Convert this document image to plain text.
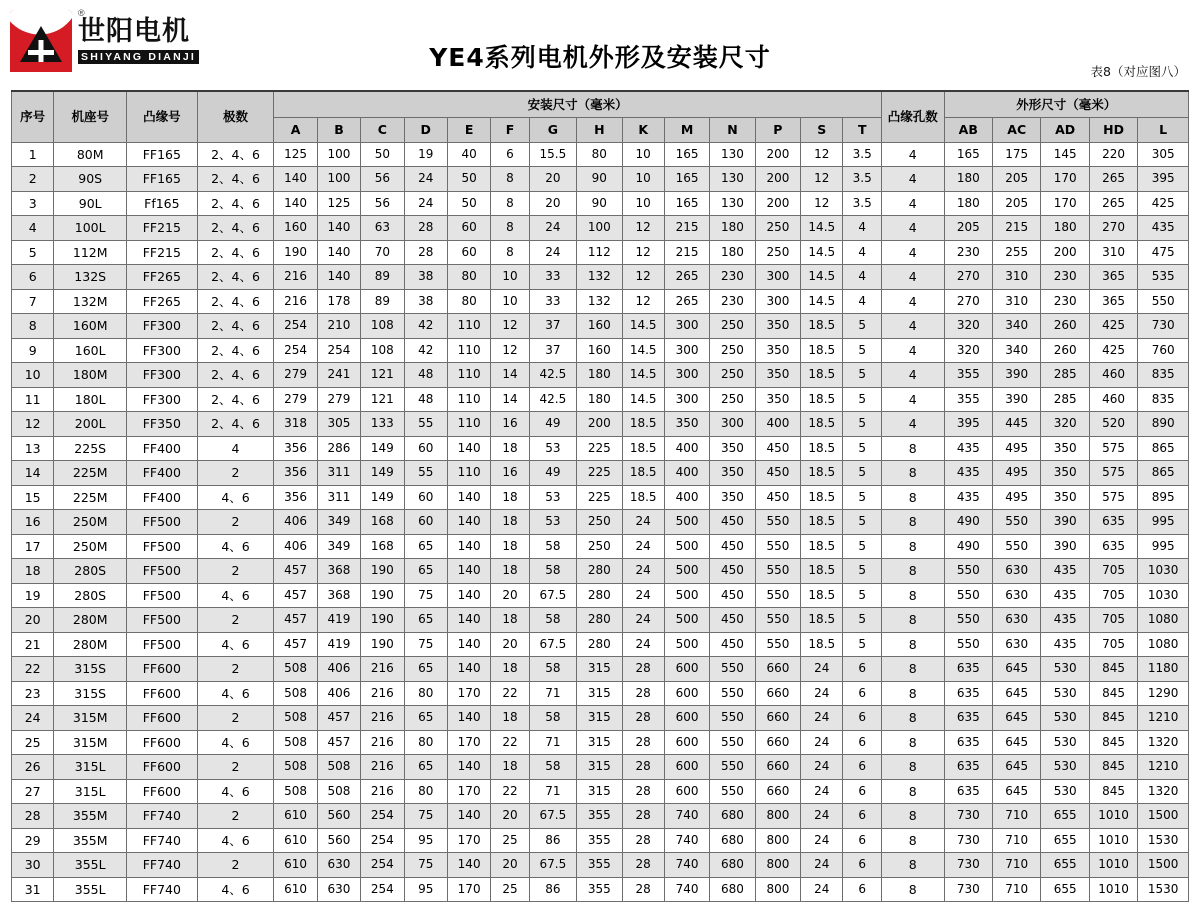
世阳电机
SHIYANG DIANJI
®
YE4系列电机外形及安装尺寸	表8（对应图八）
序号	机座号	凸缘号	极数	安装尺寸（毫米）														凸缘孔数	外形尺寸（毫米）				
				A	B	C	D	E	F	G	H	K	M	N	P	S	T		AB	AC	AD	HD	L
1	80M	FF165	2、4、6	125	100	50	19	40	6	15.5	80	10	165	130	200	12	3.5	4	165	175	145	220	305
2	90S	FF165	2、4、6	140	100	56	24	50	8	20	90	10	165	130	200	12	3.5	4	180	205	170	265	395
3	90L	Ff165	2、4、6	140	125	56	24	50	8	20	90	10	165	130	200	12	3.5	4	180	205	170	265	425
4	100L	FF215	2、4、6	160	140	63	28	60	8	24	100	12	215	180	250	14.5	4	4	205	215	180	270	435
5	112M	FF215	2、4、6	190	140	70	28	60	8	24	112	12	215	180	250	14.5	4	4	230	255	200	310	475
6	132S	FF265	2、4、6	216	140	89	38	80	10	33	132	12	265	230	300	14.5	4	4	270	310	230	365	535
7	132M	FF265	2、4、6	216	178	89	38	80	10	33	132	12	265	230	300	14.5	4	4	270	310	230	365	550
8	160M	FF300	2、4、6	254	210	108	42	110	12	37	160	14.5	300	250	350	18.5	5	4	320	340	260	425	730
9	160L	FF300	2、4、6	254	254	108	42	110	12	37	160	14.5	300	250	350	18.5	5	4	320	340	260	425	760
10	180M	FF300	2、4、6	279	241	121	48	110	14	42.5	180	14.5	300	250	350	18.5	5	4	355	390	285	460	835
11	180L	FF300	2、4、6	279	279	121	48	110	14	42.5	180	14.5	300	250	350	18.5	5	4	355	390	285	460	835
12	200L	FF350	2、4、6	318	305	133	55	110	16	49	200	18.5	350	300	400	18.5	5	4	395	445	320	520	890
13	225S	FF400	4	356	286	149	60	140	18	53	225	18.5	400	350	450	18.5	5	8	435	495	350	575	865
14	225M	FF400	2	356	311	149	55	110	16	49	225	18.5	400	350	450	18.5	5	8	435	495	350	575	865
15	225M	FF400	4、6	356	311	149	60	140	18	53	225	18.5	400	350	450	18.5	5	8	435	495	350	575	895
16	250M	FF500	2	406	349	168	60	140	18	53	250	24	500	450	550	18.5	5	8	490	550	390	635	995
17	250M	FF500	4、6	406	349	168	65	140	18	58	250	24	500	450	550	18.5	5	8	490	550	390	635	995
18	280S	FF500	2	457	368	190	65	140	18	58	280	24	500	450	550	18.5	5	8	550	630	435	705	1030
19	280S	FF500	4、6	457	368	190	75	140	20	67.5	280	24	500	450	550	18.5	5	8	550	630	435	705	1030
20	280M	FF500	2	457	419	190	65	140	18	58	280	24	500	450	550	18.5	5	8	550	630	435	705	1080
21	280M	FF500	4、6	457	419	190	75	140	20	67.5	280	24	500	450	550	18.5	5	8	550	630	435	705	1080
22	315S	FF600	2	508	406	216	65	140	18	58	315	28	600	550	660	24	6	8	635	645	530	845	1180
23	315S	FF600	4、6	508	406	216	80	170	22	71	315	28	600	550	660	24	6	8	635	645	530	845	1290
24	315M	FF600	2	508	457	216	65	140	18	58	315	28	600	550	660	24	6	8	635	645	530	845	1210
25	315M	FF600	4、6	508	457	216	80	170	22	71	315	28	600	550	660	24	6	8	635	645	530	845	1320
26	315L	FF600	2	508	508	216	65	140	18	58	315	28	600	550	660	24	6	8	635	645	530	845	1210
27	315L	FF600	4、6	508	508	216	80	170	22	71	315	28	600	550	660	24	6	8	635	645	530	845	1320
28	355M	FF740	2	610	560	254	75	140	20	67.5	355	28	740	680	800	24	6	8	730	710	655	1010	1500
29	355M	FF740	4、6	610	560	254	95	170	25	86	355	28	740	680	800	24	6	8	730	710	655	1010	1530
30	355L	FF740	2	610	630	254	75	140	20	67.5	355	28	740	680	800	24	6	8	730	710	655	1010	1500
31	355L	FF740	4、6	610	630	254	95	170	25	86	355	28	740	680	800	24	6	8	730	710	655	1010	1530
